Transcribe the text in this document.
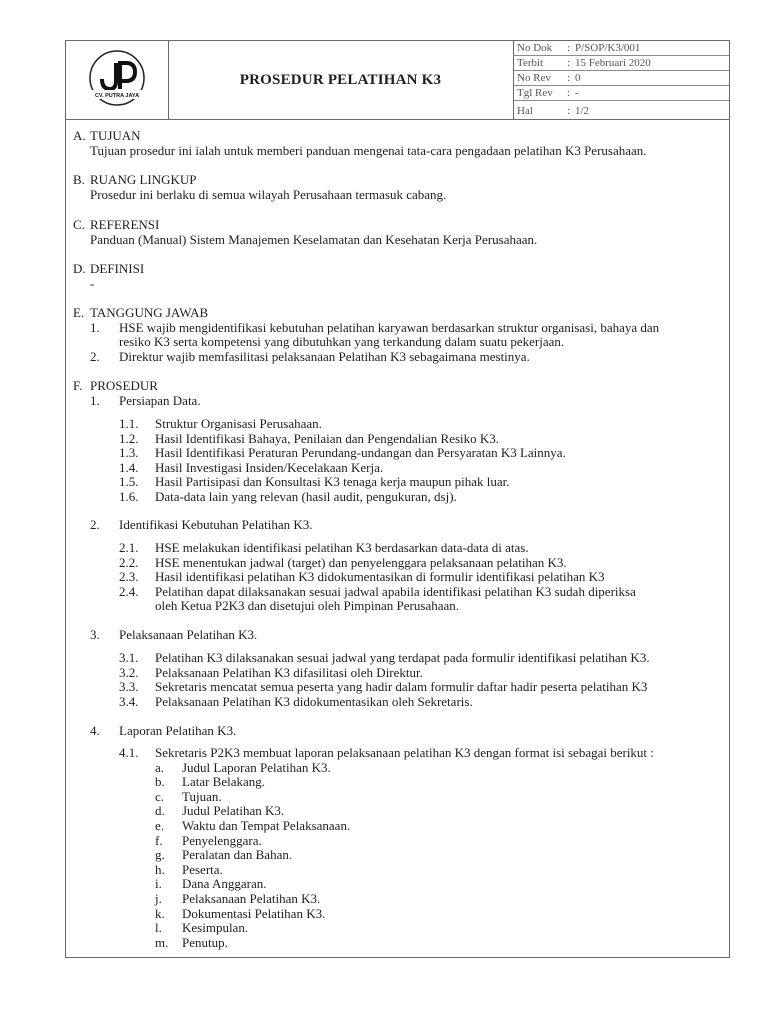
CV. PUTRA JAYA
PROSEDUR PELATIHAN K3
No Dok	: P/SOP/K3/001
Terbit	: 15 Februari 2020
No Rev	: 0
Tgl Rev	: -
Hal	: 1/2
A. TUJUAN
Tujuan prosedur ini ialah untuk memberi panduan mengenai tata-cara pengadaan pelatihan K3 Perusahaan.
B. RUANG LINGKUP
Prosedur ini berlaku di semua wilayah Perusahaan termasuk cabang.
C. REFERENSI
Panduan (Manual) Sistem Manajemen Keselamatan dan Kesehatan Kerja Perusahaan.
D. DEFINISI
-
E. TANGGUNG JAWAB
1. HSE wajib mengidentifikasi kebutuhan pelatihan karyawan berdasarkan struktur organisasi, bahaya dan
resiko K3 serta kompetensi yang dibutuhkan yang terkandung dalam suatu pekerjaan.
2. Direktur wajib memfasilitasi pelaksanaan Pelatihan K3 sebagaimana mestinya.
F. PROSEDUR
1. Persiapan Data.
1.1. Struktur Organisasi Perusahaan.
1.2. Hasil Identifikasi Bahaya, Penilaian dan Pengendalian Resiko K3.
1.3. Hasil Identifikasi Peraturan Perundang-undangan dan Persyaratan K3 Lainnya.
1.4. Hasil Investigasi Insiden/Kecelakaan Kerja.
1.5. Hasil Partisipasi dan Konsultasi K3 tenaga kerja maupun pihak luar.
1.6. Data-data lain yang relevan (hasil audit, pengukuran, dsj).
2. Identifikasi Kebutuhan Pelatihan K3.
2.1. HSE melakukan identifikasi pelatihan K3 berdasarkan data-data di atas.
2.2. HSE menentukan jadwal (target) dan penyelenggara pelaksanaan pelatihan K3.
2.3. Hasil identifikasi pelatihan K3 didokumentasikan di formulir identifikasi pelatihan K3
2.4. Pelatihan dapat dilaksanakan sesuai jadwal apabila identifikasi pelatihan K3 sudah diperiksa
oleh Ketua P2K3 dan disetujui oleh Pimpinan Perusahaan.
3. Pelaksanaan Pelatihan K3.
3.1. Pelatihan K3 dilaksanakan sesuai jadwal yang terdapat pada formulir identifikasi pelatihan K3.
3.2. Pelaksanaan Pelatihan K3 difasilitasi oleh Direktur.
3.3. Sekretaris mencatat semua peserta yang hadir dalam formulir daftar hadir peserta pelatihan K3
3.4. Pelaksanaan Pelatihan K3 didokumentasikan oleh Sekretaris.
4. Laporan Pelatihan K3.
4.1. Sekretaris P2K3 membuat laporan pelaksanaan pelatihan K3 dengan format isi sebagai berikut :
a. Judul Laporan Pelatihan K3.
b. Latar Belakang.
c. Tujuan.
d. Judul Pelatihan K3.
e. Waktu dan Tempat Pelaksanaan.
f. Penyelenggara.
g. Peralatan dan Bahan.
h. Peserta.
i. Dana Anggaran.
j. Pelaksanaan Pelatihan K3.
k. Dokumentasi Pelatihan K3.
l. Kesimpulan.
m. Penutup.
